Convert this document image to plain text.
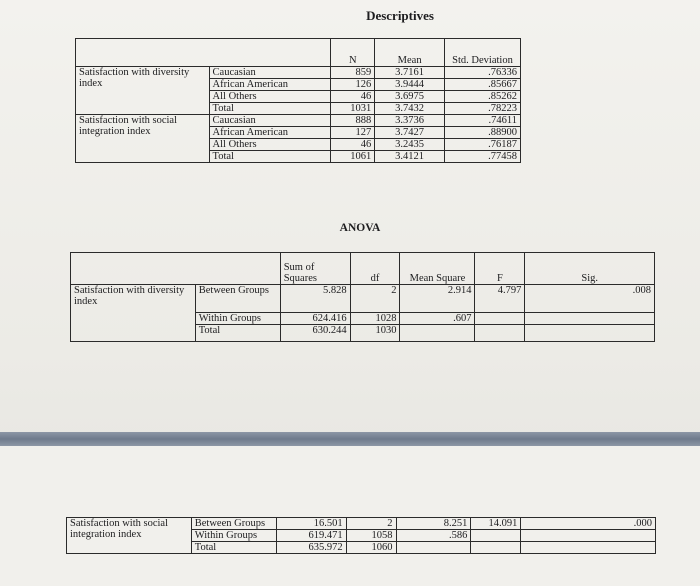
Descriptives
		N	Mean	Std. Deviation
Satisfaction with diversity index	Caucasian	859	3.7161	.76336
	African American	126	3.9444	.85667
	All Others	46	3.6975	.85262
	Total	1031	3.7432	.78223
Satisfaction with social integration index	Caucasian	888	3.3736	.74611
	African American	127	3.7427	.88900
	All Others	46	3.2435	.76187
	Total	1061	3.4121	.77458
ANOVA
		Sum of Squares	df	Mean Square	F	Sig.
Satisfaction with diversity index	Between Groups	5.828	2	2.914	4.797	.008
	Within Groups	624.416	1028	.607		
	Total	630.244	1030			
Satisfaction with social integration index	Between Groups	16.501	2	8.251	14.091	.000
	Within Groups	619.471	1058	.586		
	Total	635.972	1060			
